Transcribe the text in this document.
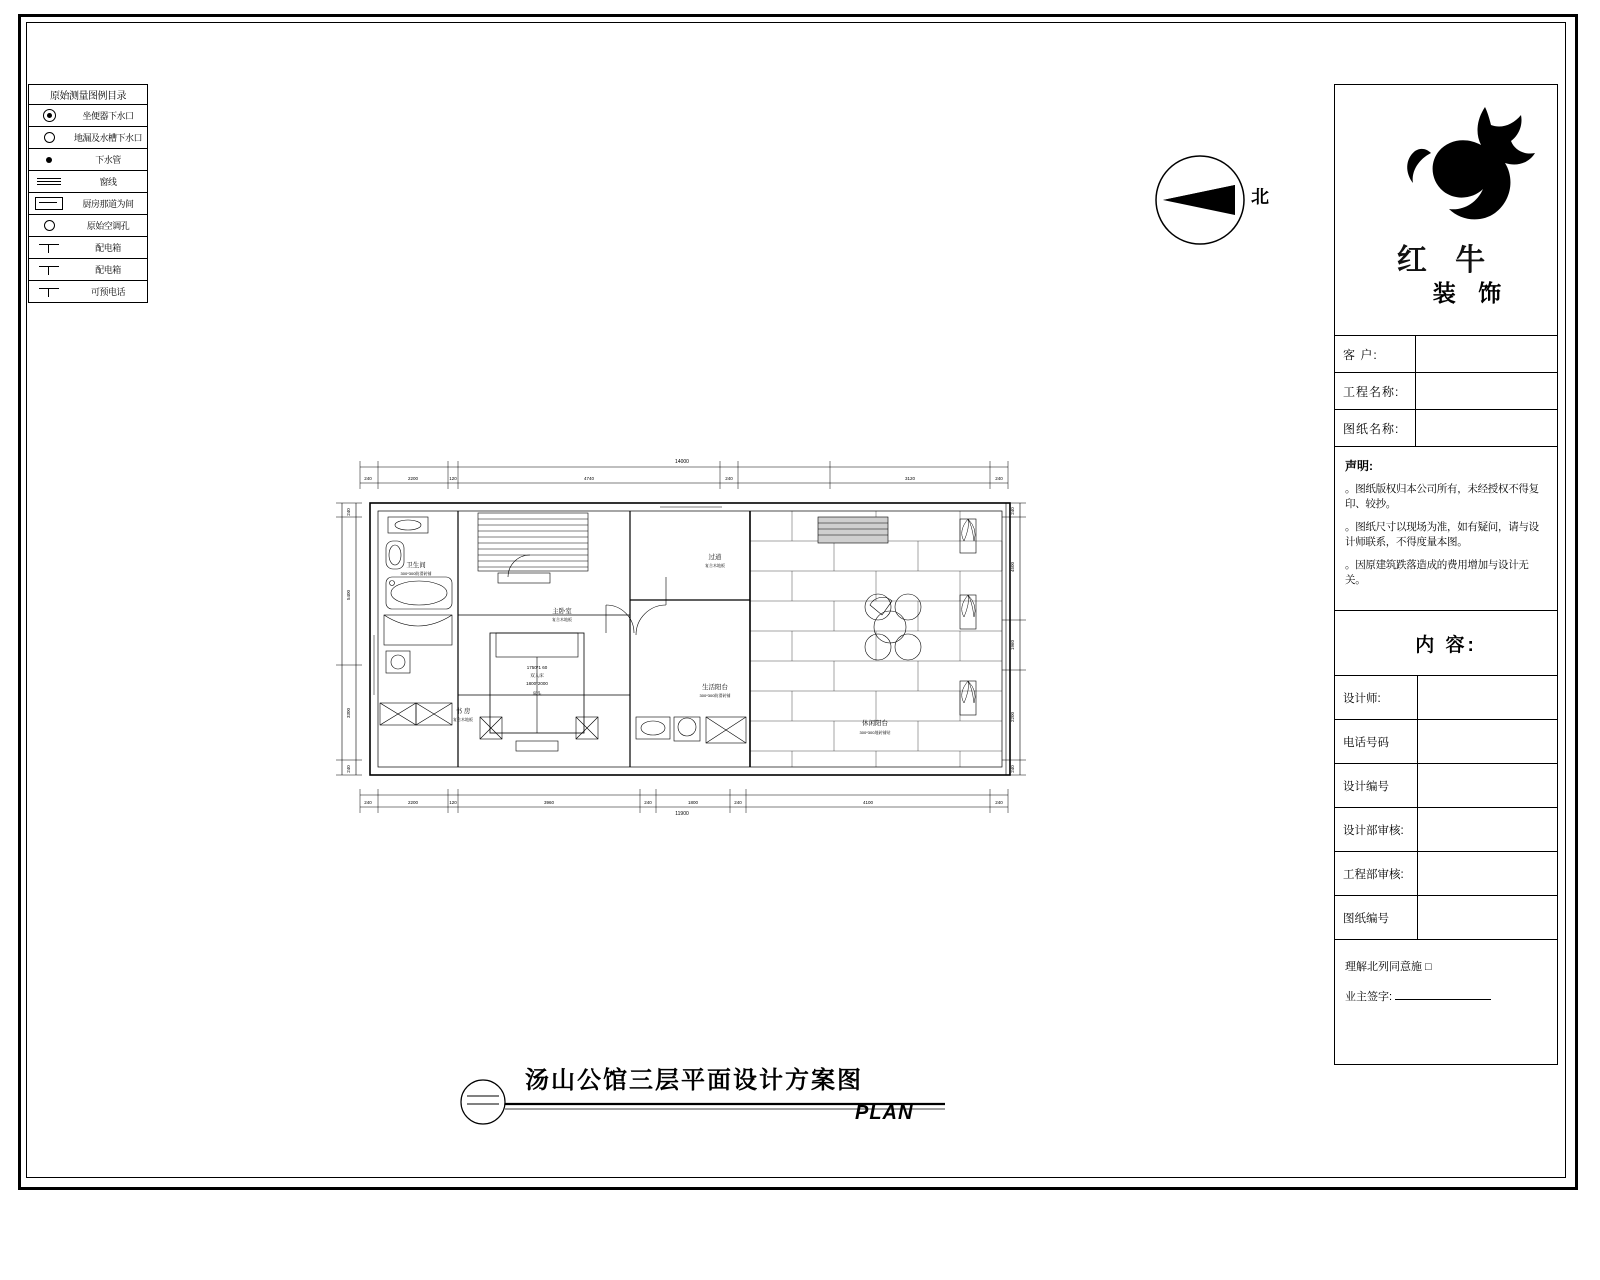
原始测量图例目录
坐便器下水口
地漏及水槽下水口
下水管
窗线
厨房那道为间
原始空调孔
配电箱
配电箱
可预电话
北
红 牛
装 饰
客 户:
工程名称:
图纸名称:
声明:

。图纸版权归本公司所有，未经授权不得复印、较抄。

。图纸尺寸以现场为准，如有疑问，请与设计师联系，不得度量本图。

。因原建筑跌落造成的费用增加与设计无关。

内 容:
设计师:
电话号码
设计编号
设计部审核:
工程部审核:
图纸编号
理解北列同意施 □
业主签字:
14000
240	2200	120	4740	240	3120	240
240
5400
3300
240
240
4500
1960
2200
240
240	2200	120	3960	240	1800	240	4100	240
11900
卫生间
300*300防滑砖铺
主卧室
复合木地板
书 房
复合木地板
过道
复合木地板
生活阳台
300*300防滑砖铺
休闲阳台
300*300地砖铺贴
1750*1 60
双人床
1800*2000
床头
汤山公馆三层平面设计方案图
PLAN
